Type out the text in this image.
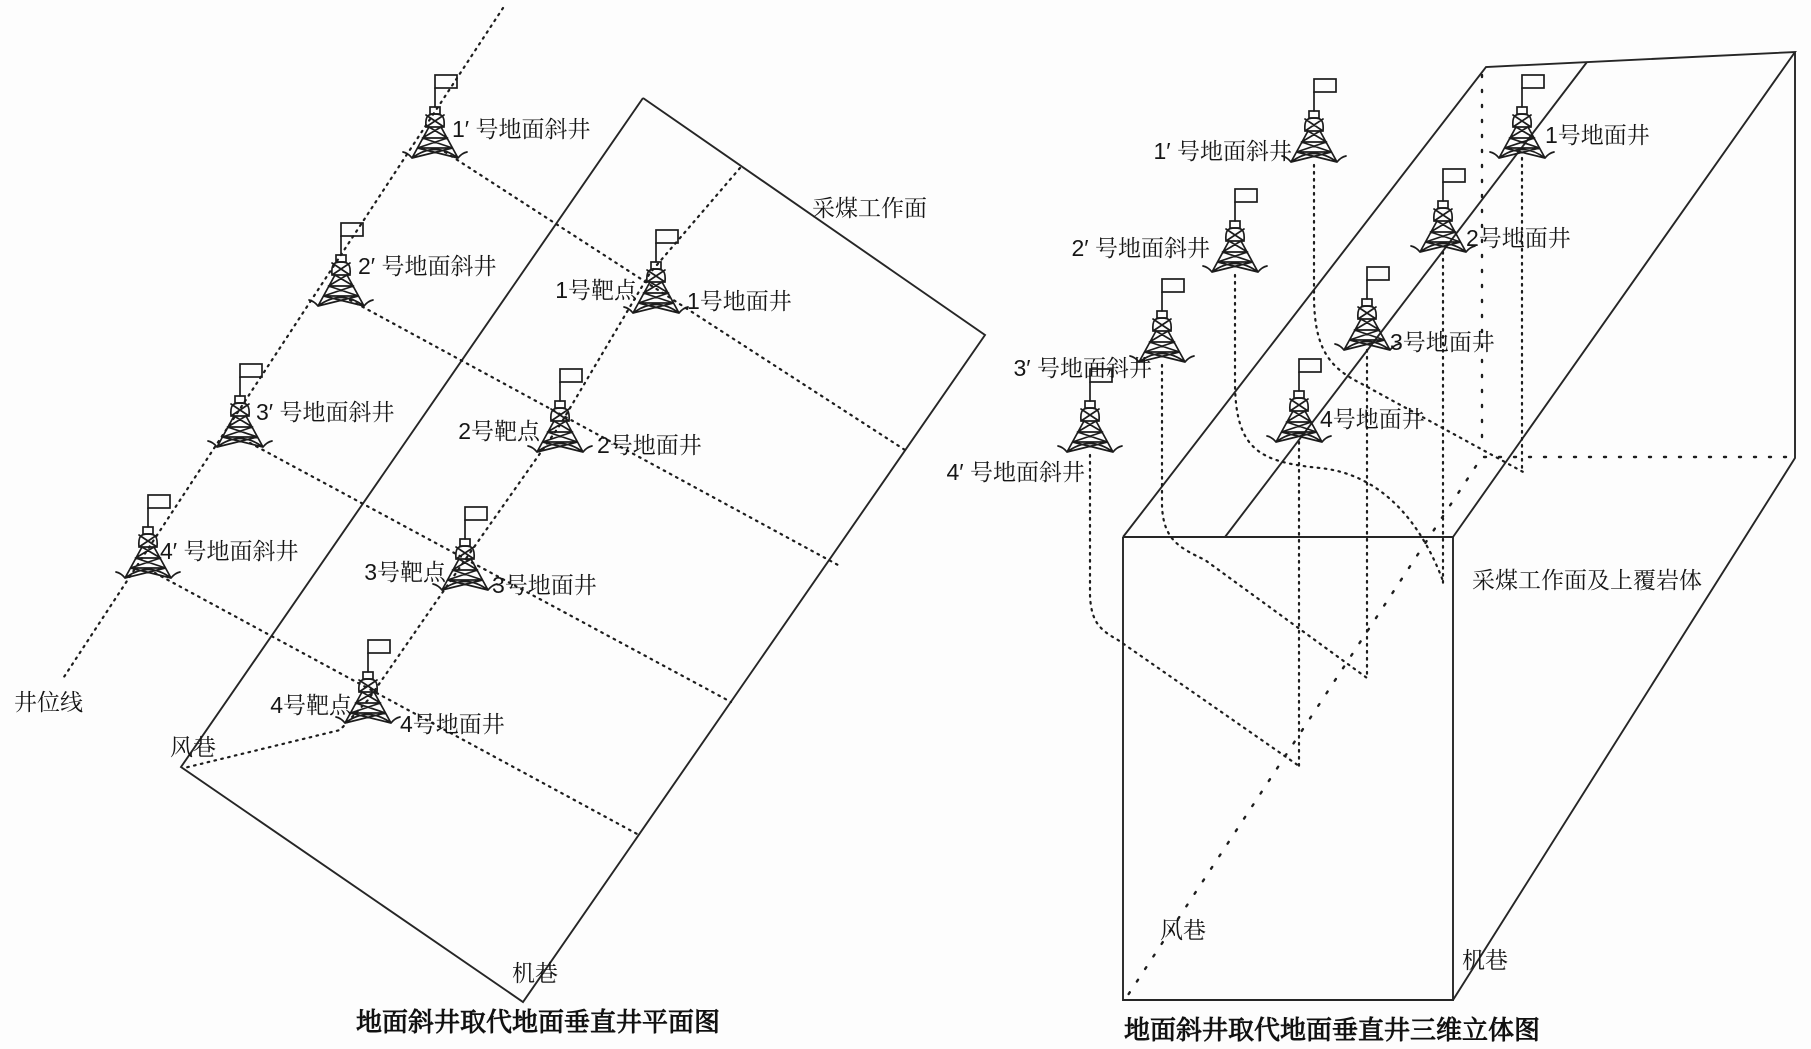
1′ 号地面斜井
2′ 号地面斜井
3′ 号地面斜井
4′ 号地面斜井
1号靶点 1号地面井
2号靶点
2号地面井
3号靶点 3号地面井
4号靶点
4号地面井
采煤工作面
风巷
机巷
井位线
1′ 号地面斜井
2′ 号地面斜井
3′ 号地面斜井
4′ 号地面斜井
1号地面井
2号地面井
3号地面井
4号地面井
采煤工作面及上覆岩体
风巷
机巷
地面斜井取代地面垂直井平面图	地面斜井取代地面垂直井三维立体图
